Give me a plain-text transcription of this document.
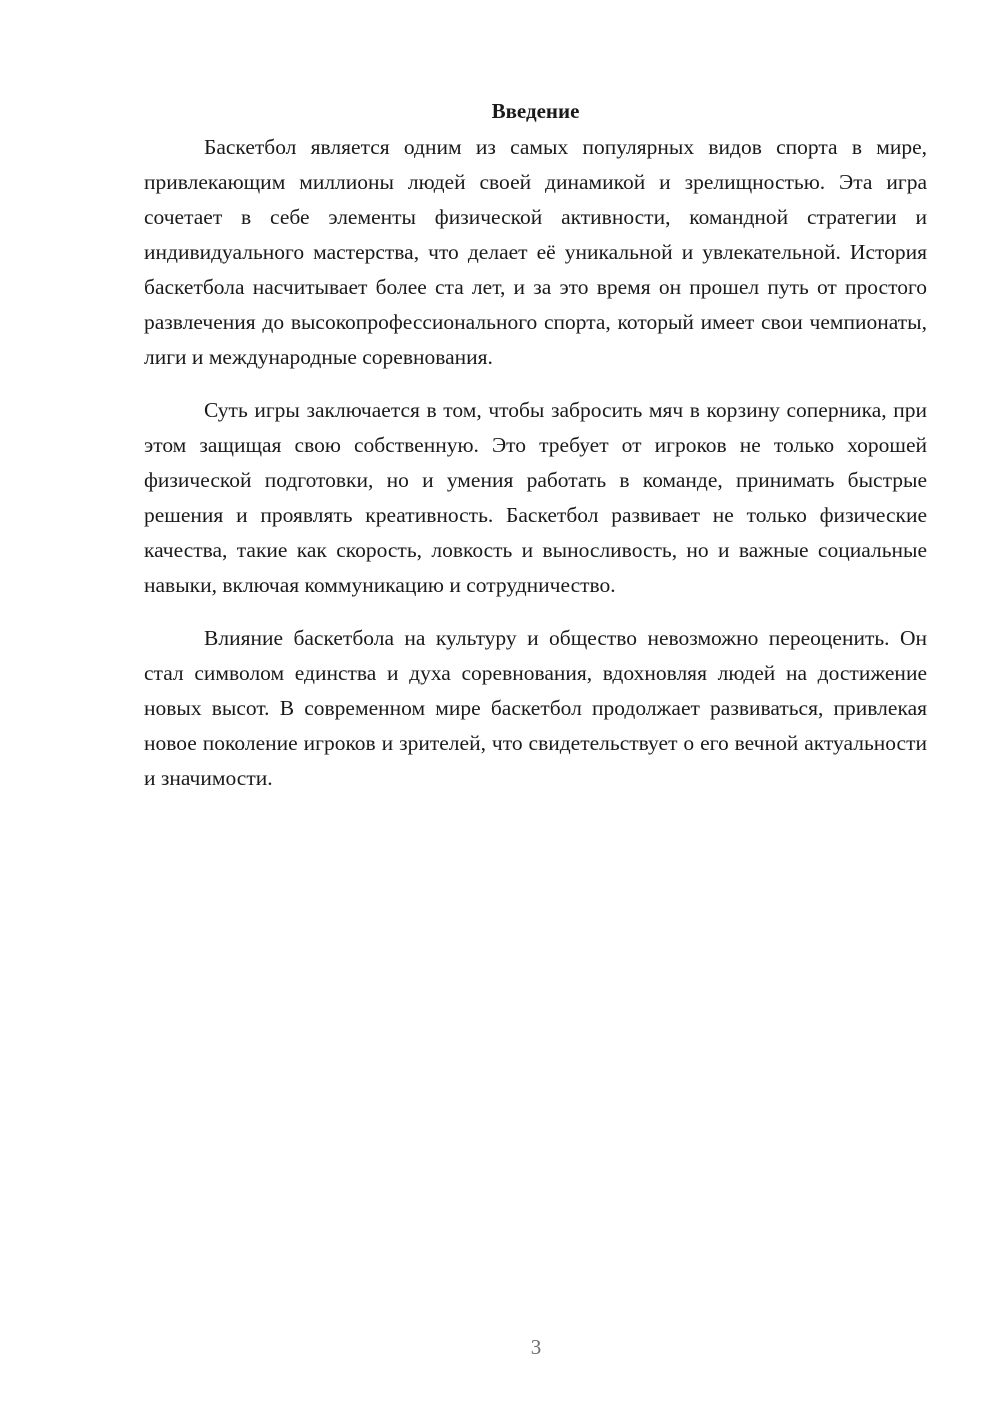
Введение

Баскетбол является одним из самых популярных видов спорта в мире, привлекающим миллионы людей своей динамикой и зрелищностью. Эта игра сочетает в себе элементы физической активности, командной стратегии и индивидуального мастерства, что делает её уникальной и увлекательной. История баскетбола насчитывает более ста лет, и за это время он прошел путь от простого развлечения до высокопрофессионального спорта, который имеет свои чемпионаты, лиги и международные соревнования.

Суть игры заключается в том, чтобы забросить мяч в корзину соперника, при этом защищая свою собственную. Это требует от игроков не только хорошей физической подготовки, но и умения работать в команде, принимать быстрые решения и проявлять креативность. Баскетбол развивает не только физические качества, такие как скорость, ловкость и выносливость, но и важные социальные навыки, включая коммуникацию и сотрудничество.

Влияние баскетбола на культуру и общество невозможно переоценить. Он стал символом единства и духа соревнования, вдохновляя людей на достижение новых высот. В современном мире баскетбол продолжает развиваться, привлекая новое поколение игроков и зрителей, что свидетельствует о его вечной актуальности и значимости.

3
